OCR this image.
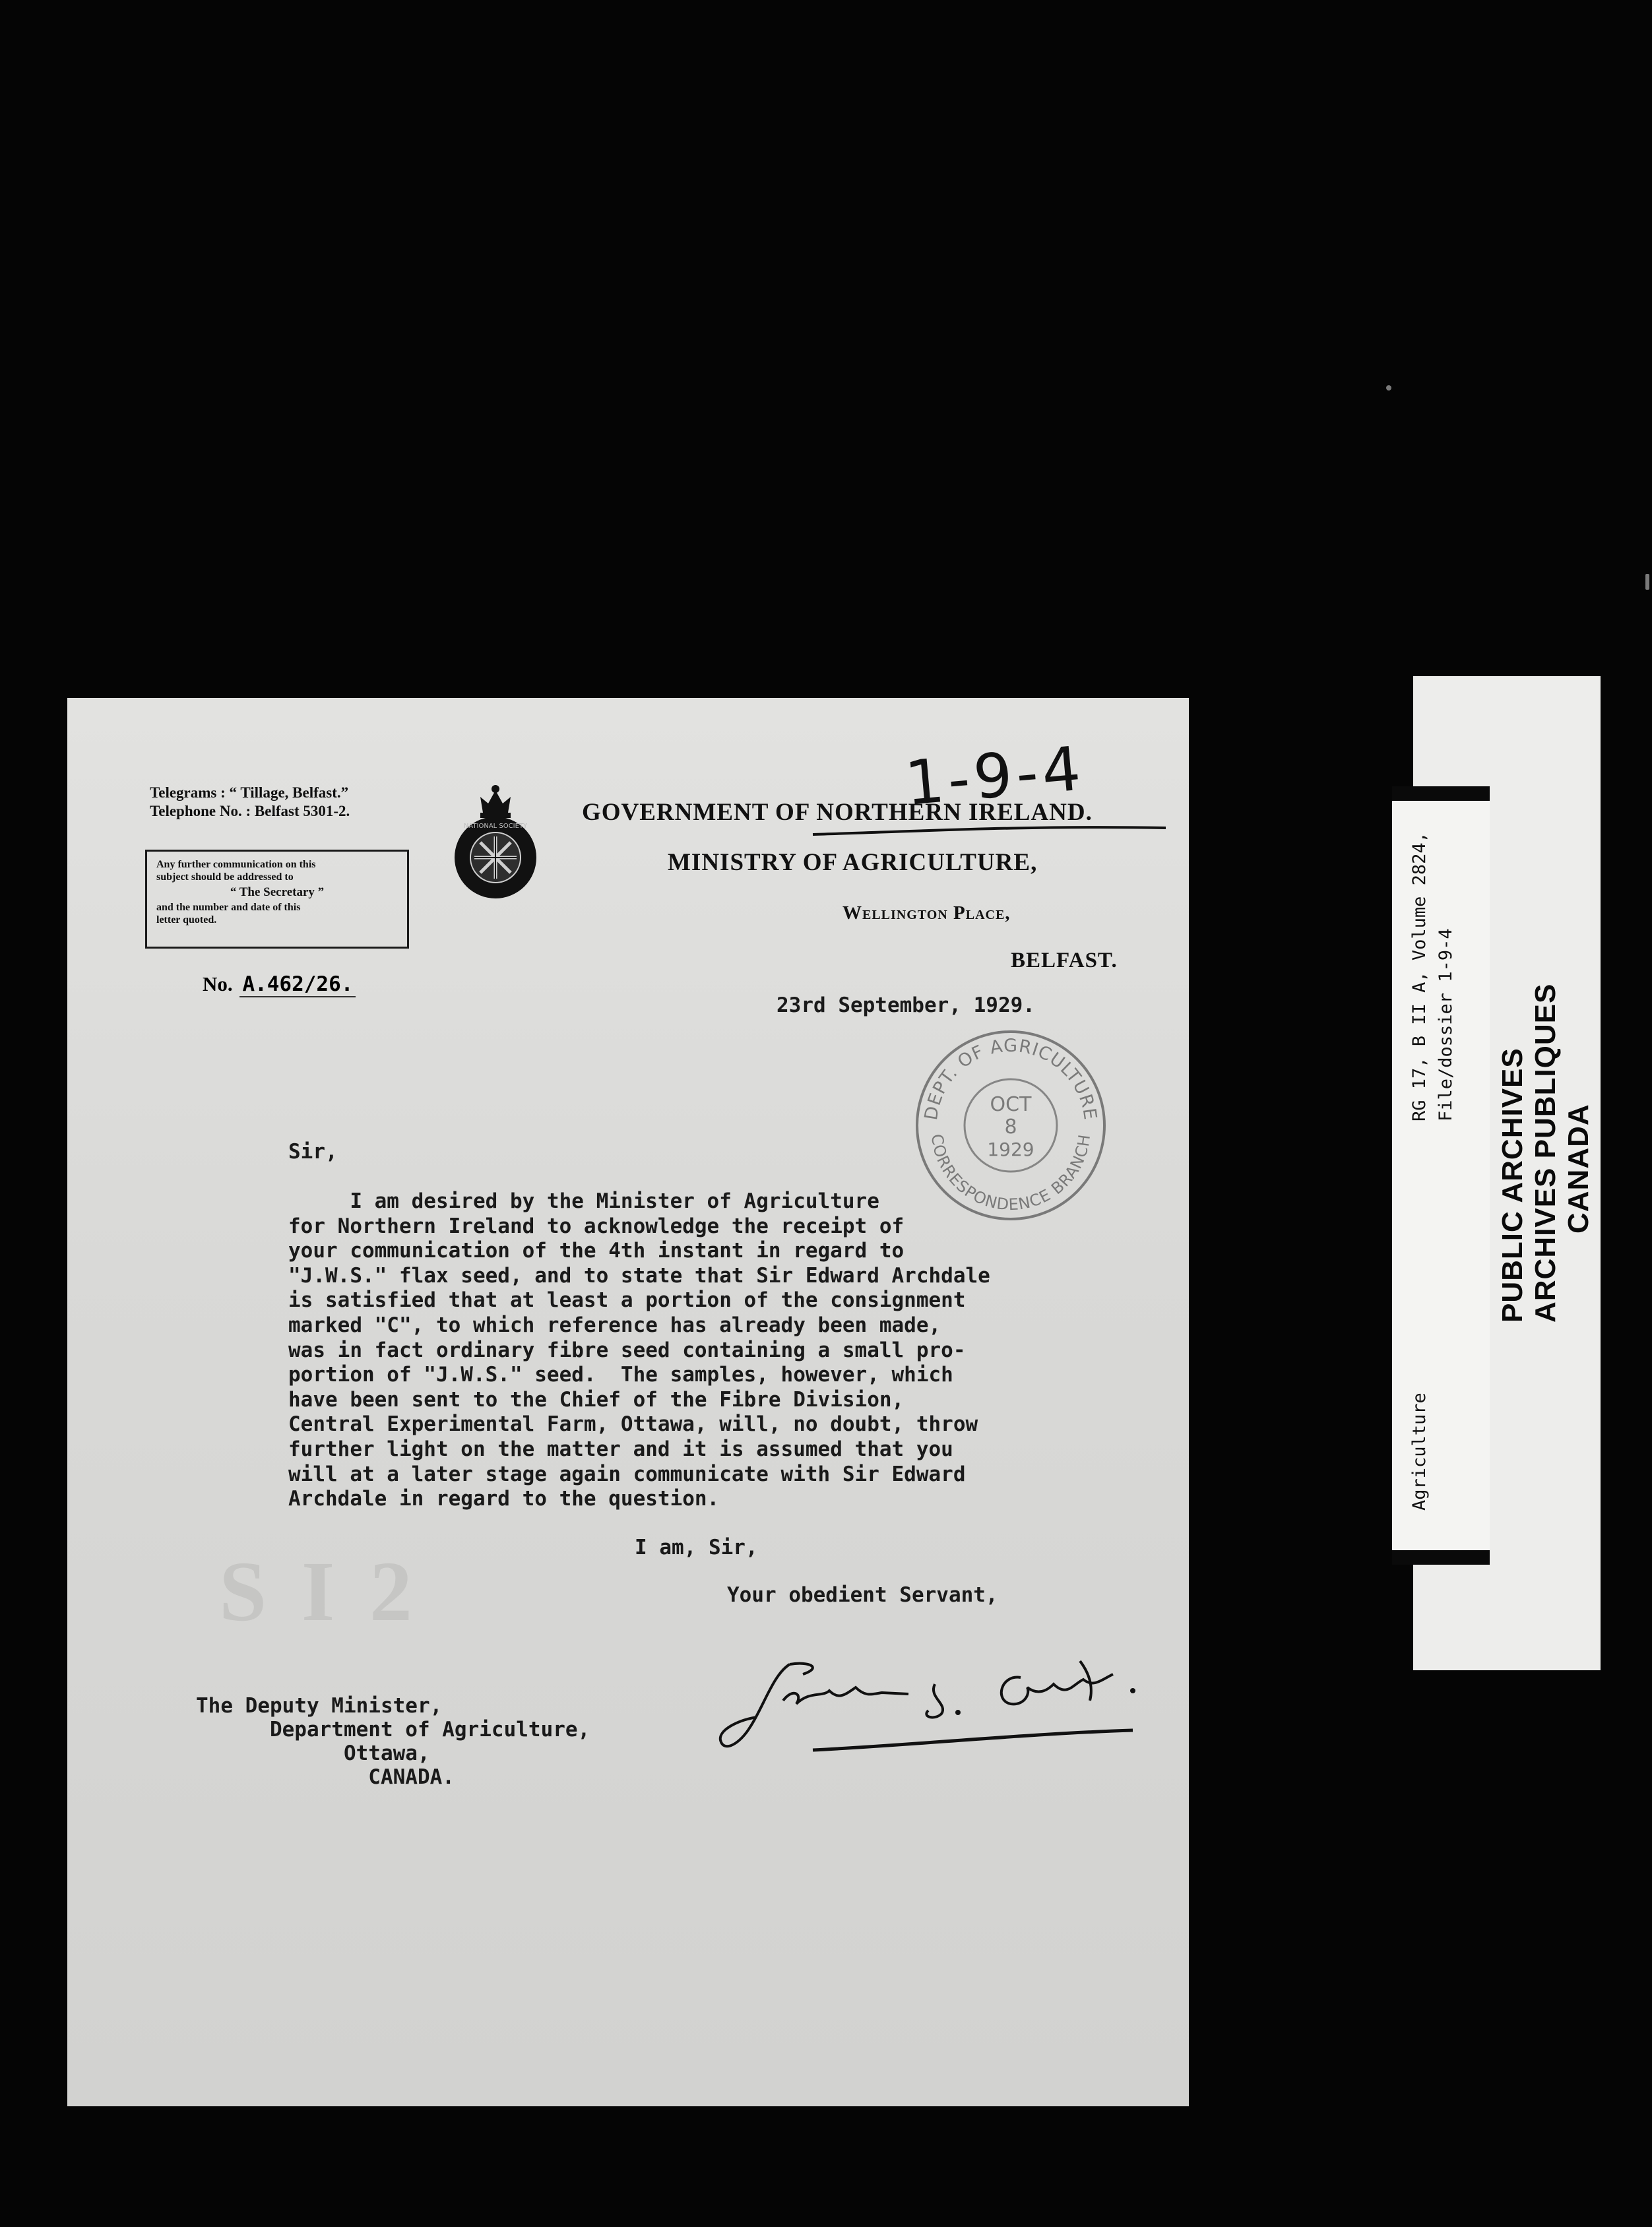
S I 2
Telegrams : “ Tillage, Belfast.”
Telephone No. : Belfast 5301-2.
Any further communication on this
subject should be addressed to
“ The Secretary ”
and the number and date of this
letter quoted.
NATIONAL SOCIETY
GOVERNMENT OF NORTHERN IRELAND.
MINISTRY OF AGRICULTURE,
Wellington Place,
BELFAST.
1-9-4
No. A.462/26.
23rd September, 1929.
DEPT. OF AGRICULTURE
CORRESPONDENCE BRANCH
OCT
8
1929
Sir,
I am desired by the Minister of Agriculture
for Northern Ireland to acknowledge the receipt of
your communication of the 4th instant in regard to
"J.W.S." flax seed, and to state that Sir Edward Archdale
is satisfied that at least a portion of the consignment
marked "C", to which reference has already been made,
was in fact ordinary fibre seed containing a small pro-
portion of "J.W.S." seed.  The samples, however, which
have been sent to the Chief of the Fibre Division,
Central Experimental Farm, Ottawa, will, no doubt, throw
further light on the matter and it is assumed that you
will at a later stage again communicate with Sir Edward
Archdale in regard to the question.
I am, Sir,
Your obedient Servant,
James S. Gordon
The Deputy Minister,
Department of Agriculture,
Ottawa,
CANADA.
Agriculture
RG 17, B II A, Volume 2824, File/dossier 1-9-4
PUBLIC ARCHIVES ARCHIVES PUBLIQUES CANADA
